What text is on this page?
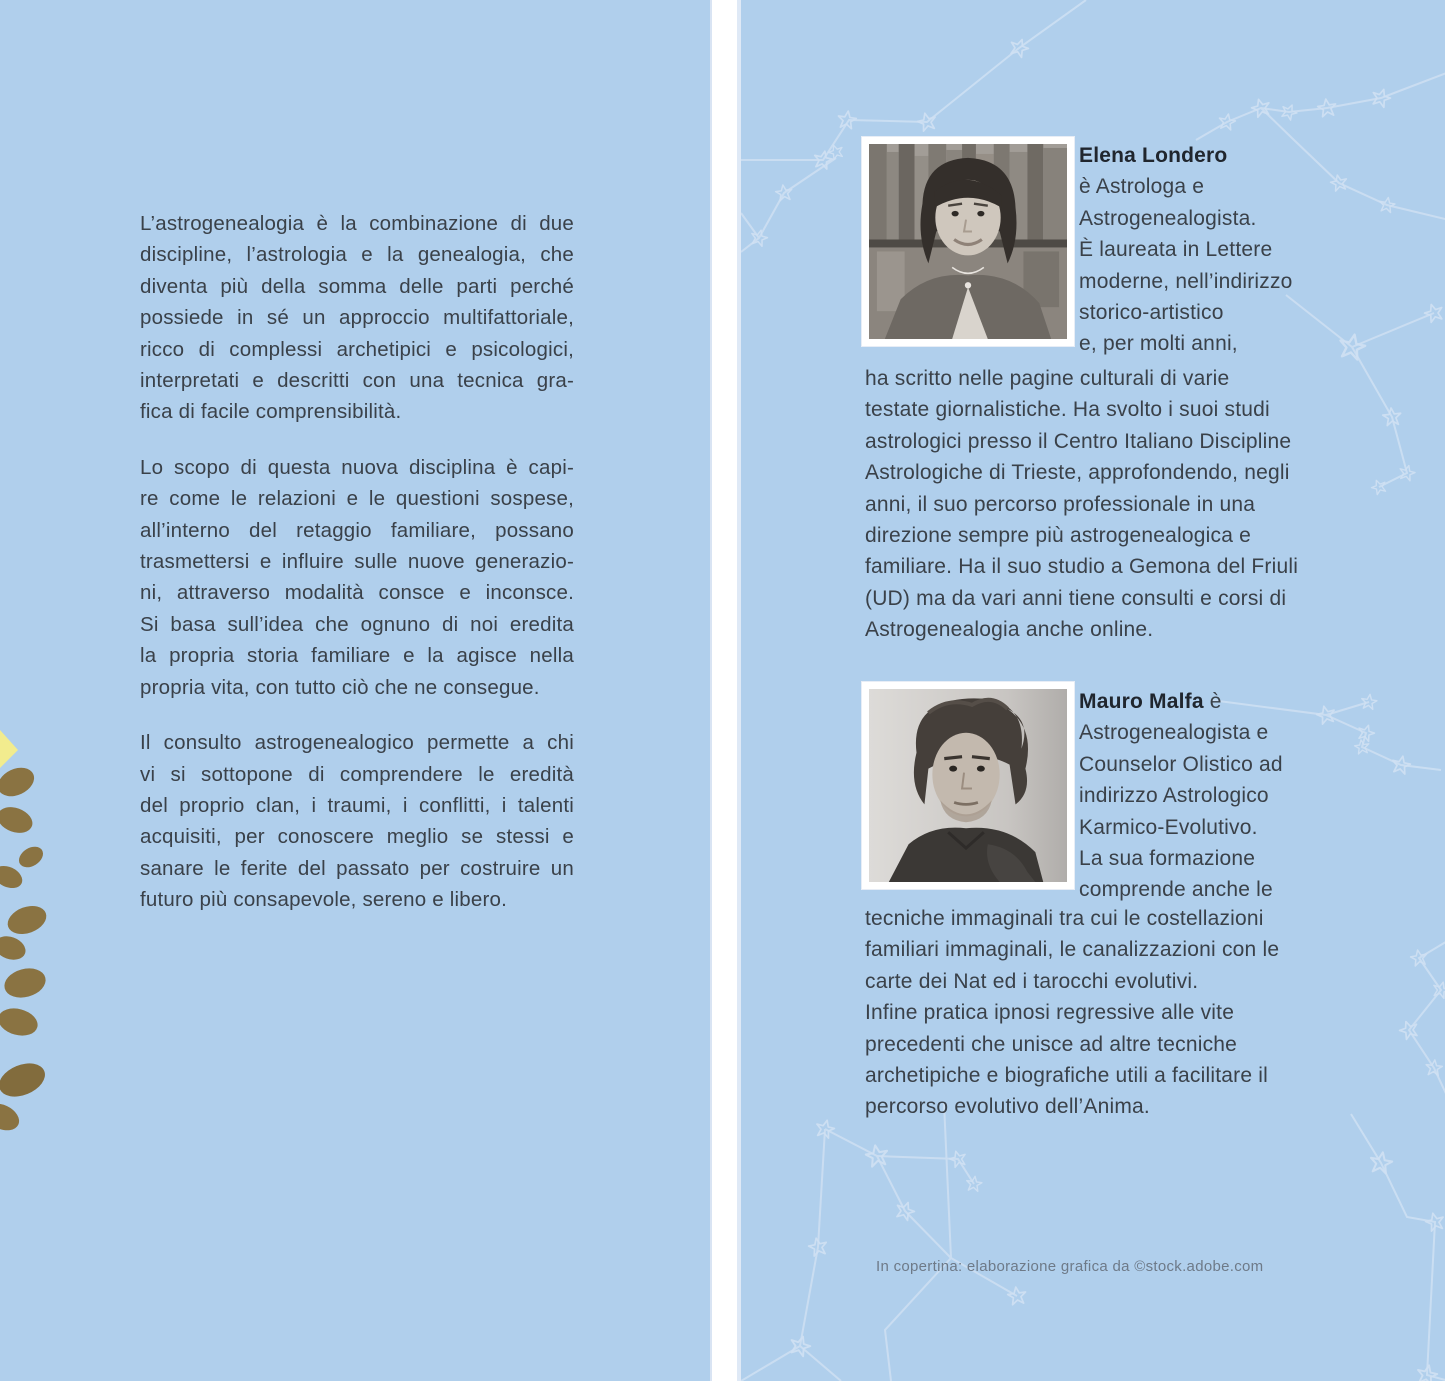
L’astrogenealogia è la combinazione di due
discipline, l’astrologia e la genealogia, che
diventa più della somma delle parti perché
possiede in sé un approccio multifattoriale,
ricco di complessi archetipici e psicologici,
interpretati e descritti con una tecnica gra-
fica di facile comprensibilità.
Lo scopo di questa nuova disciplina è capi-
re come le relazioni e le questioni sospese,
all’interno del retaggio familiare, possano
trasmettersi e influire sulle nuove generazio-
ni, attraverso modalità consce e inconsce.
Si basa sull’idea che ognuno di noi eredita
la propria storia familiare e la agisce nella
propria vita, con tutto ciò che ne consegue.
Il consulto astrogenealogico permette a chi
vi si sottopone di comprendere le eredità
del proprio clan, i traumi, i conflitti, i talenti
acquisiti, per conoscere meglio se stessi e
sanare le ferite del passato per costruire un
futuro più consapevole, sereno e libero.
Elena Londero
è Astrologa e
Astrogenealogista.
È laureata in Lettere
moderne, nell’indirizzo
storico-artistico
e, per molti anni,
ha scritto nelle pagine culturali di varie
testate giornalistiche. Ha svolto i suoi studi
astrologici presso il Centro Italiano Discipline
Astrologiche di Trieste, approfondendo, negli
anni, il suo percorso professionale in una
direzione sempre più astrogenealogica e
familiare. Ha il suo studio a Gemona del Friuli
(UD) ma da vari anni tiene consulti e corsi di
Astrogenealogia anche online.
Mauro Malfa è
Astrogenealogista e
Counselor Olistico ad
indirizzo Astrologico
Karmico-Evolutivo.
La sua formazione
comprende anche le
tecniche immaginali tra cui le costellazioni
familiari immaginali, le canalizzazioni con le
carte dei Nat ed i tarocchi evolutivi.
Infine pratica ipnosi regressive alle vite
precedenti che unisce ad altre tecniche
archetipiche e biografiche utili a facilitare il
percorso evolutivo dell’Anima.
In copertina: elaborazione grafica da ©stock.adobe.com
